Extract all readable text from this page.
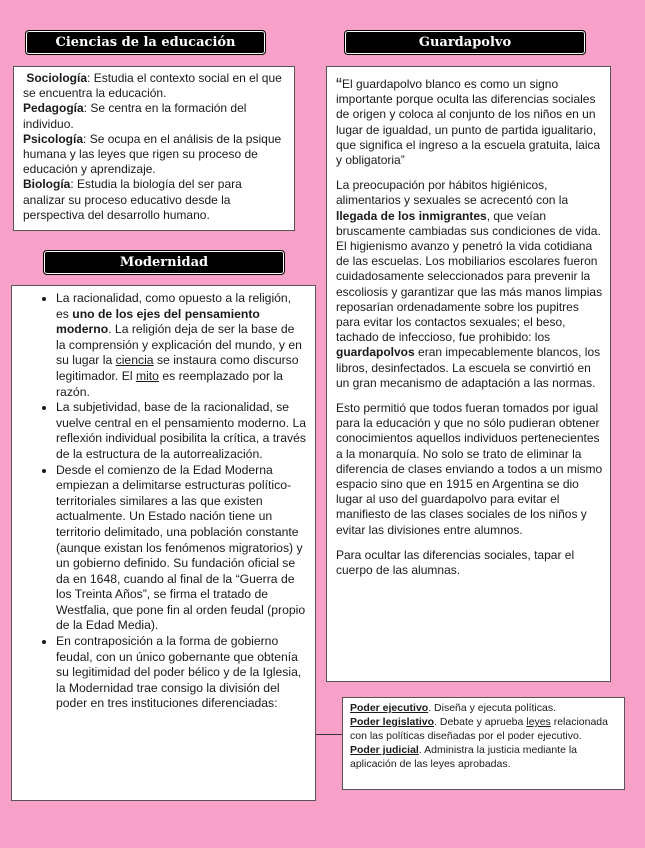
Ciencias de la educación	Guardapolvo
Modernidad

Sociología: Estudia el contexto social en el que se encuentra la educación.

Pedagogía: Se centra en la formación del individuo.

Psicología: Se ocupa en el análisis de la psique humana y las leyes que rigen su proceso de educación y aprendizaje.

Biología: Estudia la biología del ser para analizar su proceso educativo desde la perspectiva del desarrollo humano.

• La racionalidad, como opuesto a la religión, es uno de los ejes del pensamiento moderno. La religión deja de ser la base de la comprensión y explicación del mundo, y en su lugar la ciencia se instaura como discurso legitimador. El mito es reemplazado por la razón.
• La subjetividad, base de la racionalidad, se vuelve central en el pensamiento moderno. La reflexión individual posibilita la crítica, a través de la estructura de la autorrealización.
• Desde el comienzo de la Edad Moderna empiezan a delimitarse estructuras político-territoriales similares a las que existen actualmente. Un Estado nación tiene un territorio delimitado, una población constante (aunque existan los fenómenos migratorios) y un gobierno definido. Su fundación oficial se da en 1648, cuando al final de la “Guerra de los Treinta Años”, se firma el tratado de Westfalia, que pone fin al orden feudal (propio de la Edad Media).
• En contraposición a la forma de gobierno feudal, con un único gobernante que obtenía su legitimidad del poder bélico y de la Iglesia, la Modernidad trae consigo la división del poder en tres instituciones diferenciadas:

“El guardapolvo blanco es como un signo importante porque oculta las diferencias sociales de origen y coloca al conjunto de los niños en un lugar de igualdad, un punto de partida igualitario, que significa el ingreso a la escuela gratuita, laica y obligatoria”

La preocupación por hábitos higiénicos, alimentarios y sexuales se acrecentó con la llegada de los inmigrantes, que veían bruscamente cambiadas sus condiciones de vida. El higienismo avanzo y penetró la vida cotidiana de las escuelas. Los mobiliarios escolares fueron cuidadosamente seleccionados para prevenir la escoliosis y garantizar que las más manos limpias reposarían ordenadamente sobre los pupitres para evitar los contactos sexuales; el beso, tachado de infeccioso, fue prohibido: los guardapolvos eran impecablemente blancos, los libros, desinfectados. La escuela se convirtió en un gran mecanismo de adaptación a las normas.

Esto permitió que todos fueran tomados por igual para la educación y que no sólo pudieran obtener conocimientos aquellos individuos pertenecientes a la monarquía. No solo se trato de eliminar la diferencia de clases enviando a todos a un mismo espacio sino que en 1915 en Argentina se dio lugar al uso del guardapolvo para evitar el manifiesto de las clases sociales de los niños y evitar las divisiones entre alumnos.

Para ocultar las diferencias sociales, tapar el cuerpo de las alumnas.

Poder ejecutivo. Diseña y ejecuta políticas.

Poder legislativo. Debate y aprueba leyes relacionada con las políticas diseñadas por el poder ejecutivo.

Poder judicial. Administra la justicia mediante la aplicación de las leyes aprobadas.
